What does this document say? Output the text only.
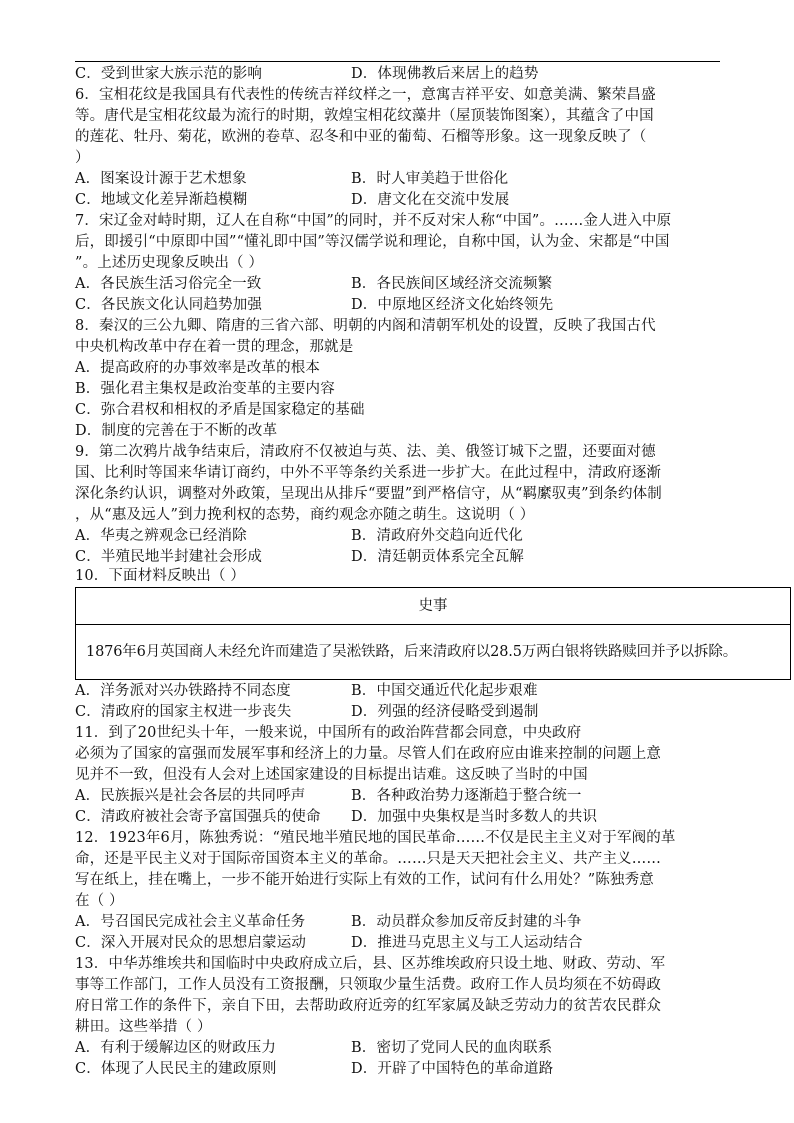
C．受到世家大族示范的影响	D．体现佛教后来居上的趋势
6．宝相花纹是我国具有代表性的传统吉祥纹样之一，意寓吉祥平安、如意美满、繁荣昌盛
等。唐代是宝相花纹最为流行的时期，敦煌宝相花纹藻井（屋顶装饰图案），其蕴含了中国
的莲花、牡丹、菊花，欧洲的卷草、忍冬和中亚的葡萄、石榴等形象。这一现象反映了（
）
A．图案设计源于艺术想象	B．时人审美趋于世俗化
C．地域文化差异渐趋模糊	D．唐文化在交流中发展
7．宋辽金对峙时期，辽人在自称“中国”的同时，并不反对宋人称“中国”。……金人进入中原
后，即援引“中原即中国”“懂礼即中国”等汉儒学说和理论，自称中国，认为金、宋都是“中国
”。上述历史现象反映出（ ）
A．各民族生活习俗完全一致	B．各民族间区域经济交流频繁
C．各民族文化认同趋势加强	D．中原地区经济文化始终领先
8．秦汉的三公九卿、隋唐的三省六部、明朝的内阁和清朝军机处的设置，反映了我国古代
中央机构改革中存在着一贯的理念，那就是
A．提高政府的办事效率是改革的根本
B．强化君主集权是政治变革的主要内容
C．弥合君权和相权的矛盾是国家稳定的基础
D．制度的完善在于不断的改革
9．第二次鸦片战争结束后，清政府不仅被迫与英、法、美、俄签订城下之盟，还要面对德
国、比利时等国来华请订商约，中外不平等条约关系进一步扩大。在此过程中，清政府逐渐
深化条约认识，调整对外政策，呈现出从排斥“要盟”到严格信守，从“羁縻驭夷”到条约体制
，从“惠及远人”到力挽利权的态势，商约观念亦随之萌生。这说明（ ）
A．华夷之辨观念已经消除	B．清政府外交趋向近代化
C．半殖民地半封建社会形成	D．清廷朝贡体系完全瓦解
10．下面材料反映出（ ）
史事
1876年6月英国商人未经允许而建造了吴淞铁路，后来清政府以28.5万两白银将铁路赎回并予以拆除。
A．洋务派对兴办铁路持不同态度	B．中国交通近代化起步艰难
C．清政府的国家主权进一步丧失	D．列强的经济侵略受到遏制
11．到了20世纪头十年，一般来说，中国所有的政治阵营都会同意，中央政府
必须为了国家的富强而发展军事和经济上的力量。尽管人们在政府应由谁来控制的问题上意
见并不一致，但没有人会对上述国家建设的目标提出诘难。这反映了当时的中国
A．民族振兴是社会各层的共同呼声	B．各种政治势力逐渐趋于整合统一
C．清政府被社会寄予富国强兵的使命 D．加强中央集权是当时多数人的共识
12．1923年6月，陈独秀说：“殖民地半殖民地的国民革命……不仅是民主主义对于军阀的革
命，还是平民主义对于国际帝国资本主义的革命。……只是天天把社会主义、共产主义……
写在纸上，挂在嘴上，一步不能开始进行实际上有效的工作，试问有什么用处？”陈独秀意
在（ ）
A．号召国民完成社会主义革命任务	B．动员群众参加反帝反封建的斗争
C．深入开展对民众的思想启蒙运动	D．推进马克思主义与工人运动结合
13．中华苏维埃共和国临时中央政府成立后，县、区苏维埃政府只设土地、财政、劳动、军
事等工作部门，工作人员没有工资报酬，只领取少量生活费。政府工作人员均须在不妨碍政
府日常工作的条件下，亲自下田，去帮助政府近旁的红军家属及缺乏劳动力的贫苦农民群众
耕田。这些举措（ ）
A．有利于缓解边区的财政压力	B．密切了党同人民的血肉联系
C．体现了人民民主的建政原则	D．开辟了中国特色的革命道路
